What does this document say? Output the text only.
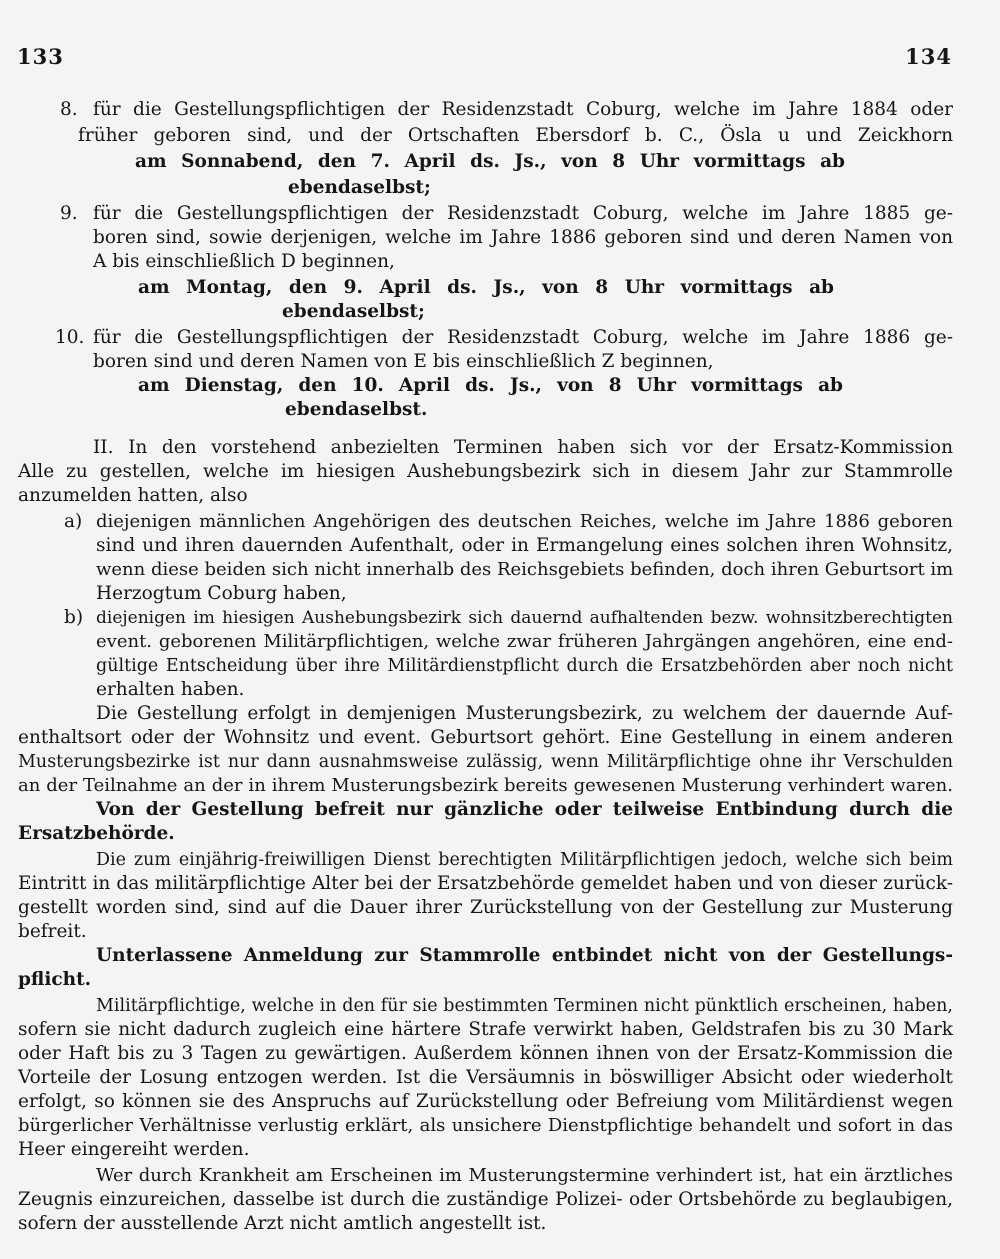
133	134
8. für die Gestellungspflichtigen der Residenzstadt Coburg, welche im Jahre 1884 oder
früher geboren sind, und der Ortschaften Ebersdorf b. C., Ösla u und Zeickhorn
am Sonnabend, den 7. April ds. Js., von 8 Uhr vormittags ab
ebendaselbst;
9. für die Gestellungspflichtigen der Residenzstadt Coburg, welche im Jahre 1885 ge-
boren sind, sowie derjenigen, welche im Jahre 1886 geboren sind und deren Namen von
A bis einschließlich D beginnen,
am Montag, den 9. April ds. Js., von 8 Uhr vormittags ab
ebendaselbst;
10. für die Gestellungspflichtigen der Residenzstadt Coburg, welche im Jahre 1886 ge-
boren sind und deren Namen von E bis einschließlich Z beginnen,
am Dienstag, den 10. April ds. Js., von 8 Uhr vormittags ab
ebendaselbst.
II. In den vorstehend anbezielten Terminen haben sich vor der Ersatz-Kommission
Alle zu gestellen, welche im hiesigen Aushebungsbezirk sich in diesem Jahr zur Stammrolle
anzumelden hatten, also
a) diejenigen männlichen Angehörigen des deutschen Reiches, welche im Jahre 1886 geboren
sind und ihren dauernden Aufenthalt, oder in Ermangelung eines solchen ihren Wohnsitz,
wenn diese beiden sich nicht innerhalb des Reichsgebiets befinden, doch ihren Geburtsort im
Herzogtum Coburg haben,
b) diejenigen im hiesigen Aushebungsbezirk sich dauernd aufhaltenden bezw. wohnsitzberechtigten
event. geborenen Militärpflichtigen, welche zwar früheren Jahrgängen angehören, eine end-
gültige Entscheidung über ihre Militärdienstpflicht durch die Ersatzbehörden aber noch nicht
erhalten haben.
Die Gestellung erfolgt in demjenigen Musterungsbezirk, zu welchem der dauernde Auf-
enthaltsort oder der Wohnsitz und event. Geburtsort gehört. Eine Gestellung in einem anderen
Musterungsbezirke ist nur dann ausnahmsweise zulässig, wenn Militärpflichtige ohne ihr Verschulden
an der Teilnahme an der in ihrem Musterungsbezirk bereits gewesenen Musterung verhindert waren.
Von der Gestellung befreit nur gänzliche oder teilweise Entbindung durch die
Ersatzbehörde.
Die zum einjährig-freiwilligen Dienst berechtigten Militärpflichtigen jedoch, welche sich beim
Eintritt in das militärpflichtige Alter bei der Ersatzbehörde gemeldet haben und von dieser zurück-
gestellt worden sind, sind auf die Dauer ihrer Zurückstellung von der Gestellung zur Musterung
befreit.
Unterlassene Anmeldung zur Stammrolle entbindet nicht von der Gestellungs-
pflicht.
Militärpflichtige, welche in den für sie bestimmten Terminen nicht pünktlich erscheinen, haben,
sofern sie nicht dadurch zugleich eine härtere Strafe verwirkt haben, Geldstrafen bis zu 30 Mark
oder Haft bis zu 3 Tagen zu gewärtigen. Außerdem können ihnen von der Ersatz-Kommission die
Vorteile der Losung entzogen werden. Ist die Versäumnis in böswilliger Absicht oder wiederholt
erfolgt, so können sie des Anspruchs auf Zurückstellung oder Befreiung vom Militärdienst wegen
bürgerlicher Verhältnisse verlustig erklärt, als unsichere Dienstpflichtige behandelt und sofort in das
Heer eingereiht werden.
Wer durch Krankheit am Erscheinen im Musterungstermine verhindert ist, hat ein ärztliches
Zeugnis einzureichen, dasselbe ist durch die zuständige Polizei- oder Ortsbehörde zu beglaubigen,
sofern der ausstellende Arzt nicht amtlich angestellt ist.
